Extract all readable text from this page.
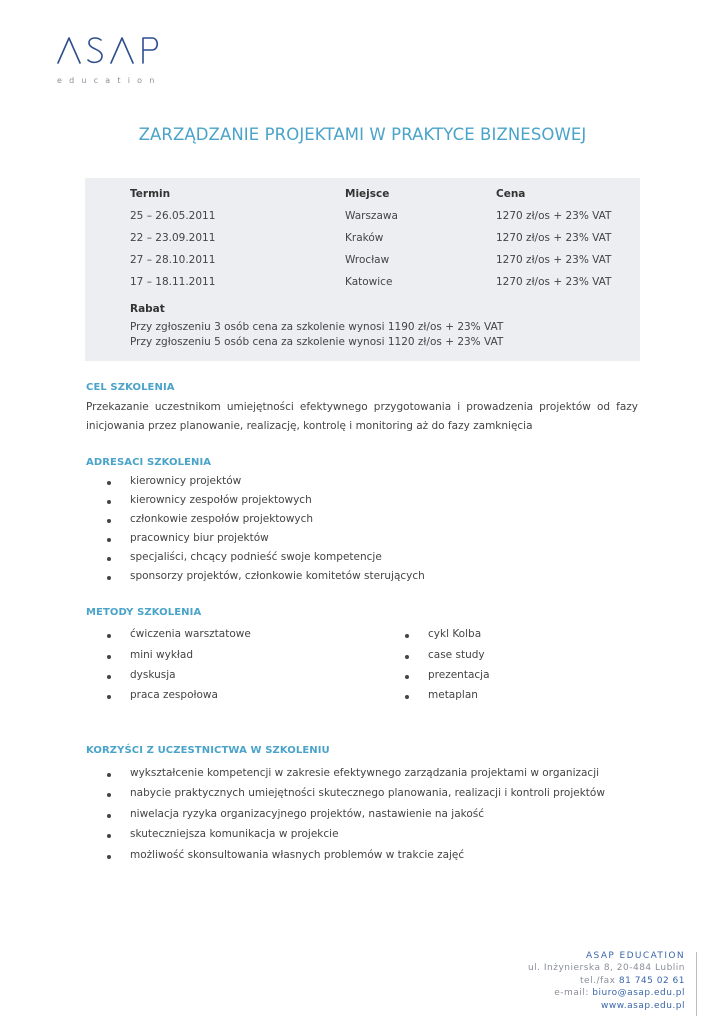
education
ZARZĄDZANIE PROJEKTAMI W PRAKTYCE BIZNESOWEJ
Termin	Miejsce	Cena
25 – 26.05.2011	Warszawa	1270 zł/os + 23% VAT
22 – 23.09.2011	Kraków	1270 zł/os + 23% VAT
27 – 28.10.2011	Wrocław	1270 zł/os + 23% VAT
17 – 18.11.2011	Katowice	1270 zł/os + 23% VAT
Rabat
Przy zgłoszeniu 3 osób cena za szkolenie wynosi 1190 zł/os + 23% VAT
Przy zgłoszeniu 5 osób cena za szkolenie wynosi 1120 zł/os + 23% VAT
CEL SZKOLENIA
Przekazanie uczestnikom umiejętności efektywnego przygotowania i prowadzenia projektów od fazy inicjowania przez planowanie, realizację, kontrolę i monitoring aż do fazy zamknięcia
ADRESACI SZKOLENIA
kierownicy projektów
kierownicy zespołów projektowych
członkowie zespołów projektowych
pracownicy biur projektów
specjaliści, chcący podnieść swoje kompetencje
sponsorzy projektów, członkowie komitetów sterujących
METODY SZKOLENIA
ćwiczenia warsztatowe
mini wykład
dyskusja
praca zespołowa
cykl Kolba
case study
prezentacja
metaplan
KORZYŚCI Z UCZESTNICTWA W SZKOLENIU
wykształcenie kompetencji w zakresie efektywnego zarządzania projektami w organizacji
nabycie praktycznych umiejętności skutecznego planowania, realizacji i kontroli projektów
niwelacja ryzyka organizacyjnego projektów, nastawienie na jakość
skuteczniejsza komunikacja w projekcie
możliwość skonsultowania własnych problemów w trakcie zajęć
ASAP EDUCATION
ul. Inżynierska 8, 20-484 Lublin
tel./fax 81 745 02 61
e-mail: biuro@asap.edu.pl
www.asap.edu.pl
